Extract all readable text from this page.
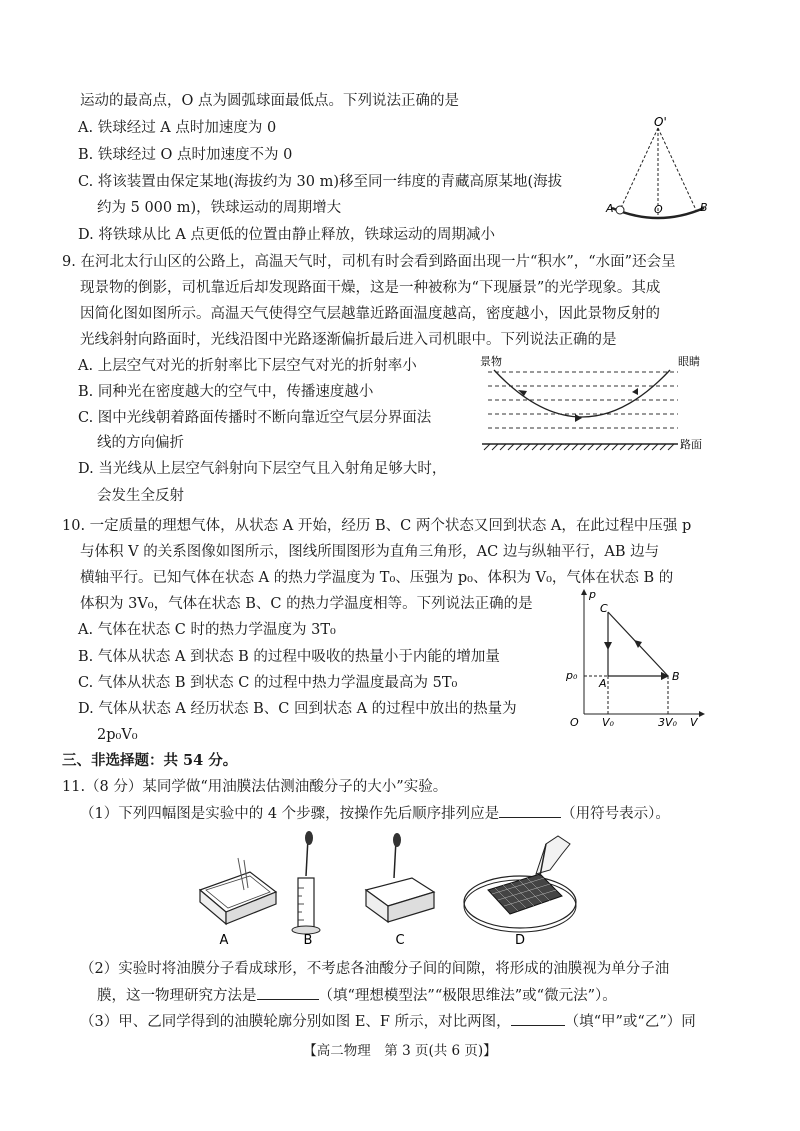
运动的最高点，O 点为圆弧球面最低点。下列说法正确的是
A. 铁球经过 A 点时加速度为 0
B. 铁球经过 O 点时加速度不为 0
C. 将该装置由保定某地(海拔约为 30 m)移至同一纬度的青藏高原某地(海拔
约为 5 000 m)，铁球运动的周期增大
D. 将铁球从比 A 点更低的位置由静止释放，铁球运动的周期减小
O'
A	O	B
9. 在河北太行山区的公路上，高温天气时，司机有时会看到路面出现一片“积水”，“水面”还会呈
现景物的倒影，司机靠近后却发现路面干燥，这是一种被称为“下现蜃景”的光学现象。其成
因简化图如图所示。高温天气使得空气层越靠近路面温度越高，密度越小，因此景物反射的
光线斜射向路面时，光线沿图中光路逐渐偏折最后进入司机眼中。下列说法正确的是
A. 上层空气对光的折射率比下层空气对光的折射率小
B. 同种光在密度越大的空气中，传播速度越小
C. 图中光线朝着路面传播时不断向靠近空气层分界面法
线的方向偏折
D. 当光线从上层空气斜射向下层空气且入射角足够大时，
会发生全反射
景物	眼睛
路面
10. 一定质量的理想气体，从状态 A 开始，经历 B、C 两个状态又回到状态 A，在此过程中压强 p
与体积 V 的关系图像如图所示，图线所围图形为直角三角形，AC 边与纵轴平行，AB 边与
横轴平行。已知气体在状态 A 的热力学温度为 T₀、压强为 p₀、体积为 V₀，气体在状态 B 的
体积为 3V₀，气体在状态 B、C 的热力学温度相等。下列说法正确的是
A. 气体在状态 C 时的热力学温度为 3T₀
B. 气体从状态 A 到状态 B 的过程中吸收的热量小于内能的增加量
C. 气体从状态 B 到状态 C 的过程中热力学温度最高为 5T₀
D. 气体从状态 A 经历状态 B、C 回到状态 A 的过程中放出的热量为
2p₀V₀
p
V
O
C
A
B
p₀
V₀	3V₀
三、非选择题：共 54 分。
11.（8 分）某同学做“用油膜法估测油酸分子的大小”实验。
（1）下列四幅图是实验中的 4 个步骤，按操作先后顺序排列应是	（用符号表示）。
A	B	C	D
（2）实验时将油膜分子看成球形，不考虑各油酸分子间的间隙，将形成的油膜视为单分子油
膜，这一物理研究方法是	（填“理想模型法”“极限思维法”或“微元法”）。
（3）甲、乙同学得到的油膜轮廓分别如图 E、F 所示，对比两图，	（填“甲”或“乙”）同
【高二物理　第 3 页(共 6 页)】
